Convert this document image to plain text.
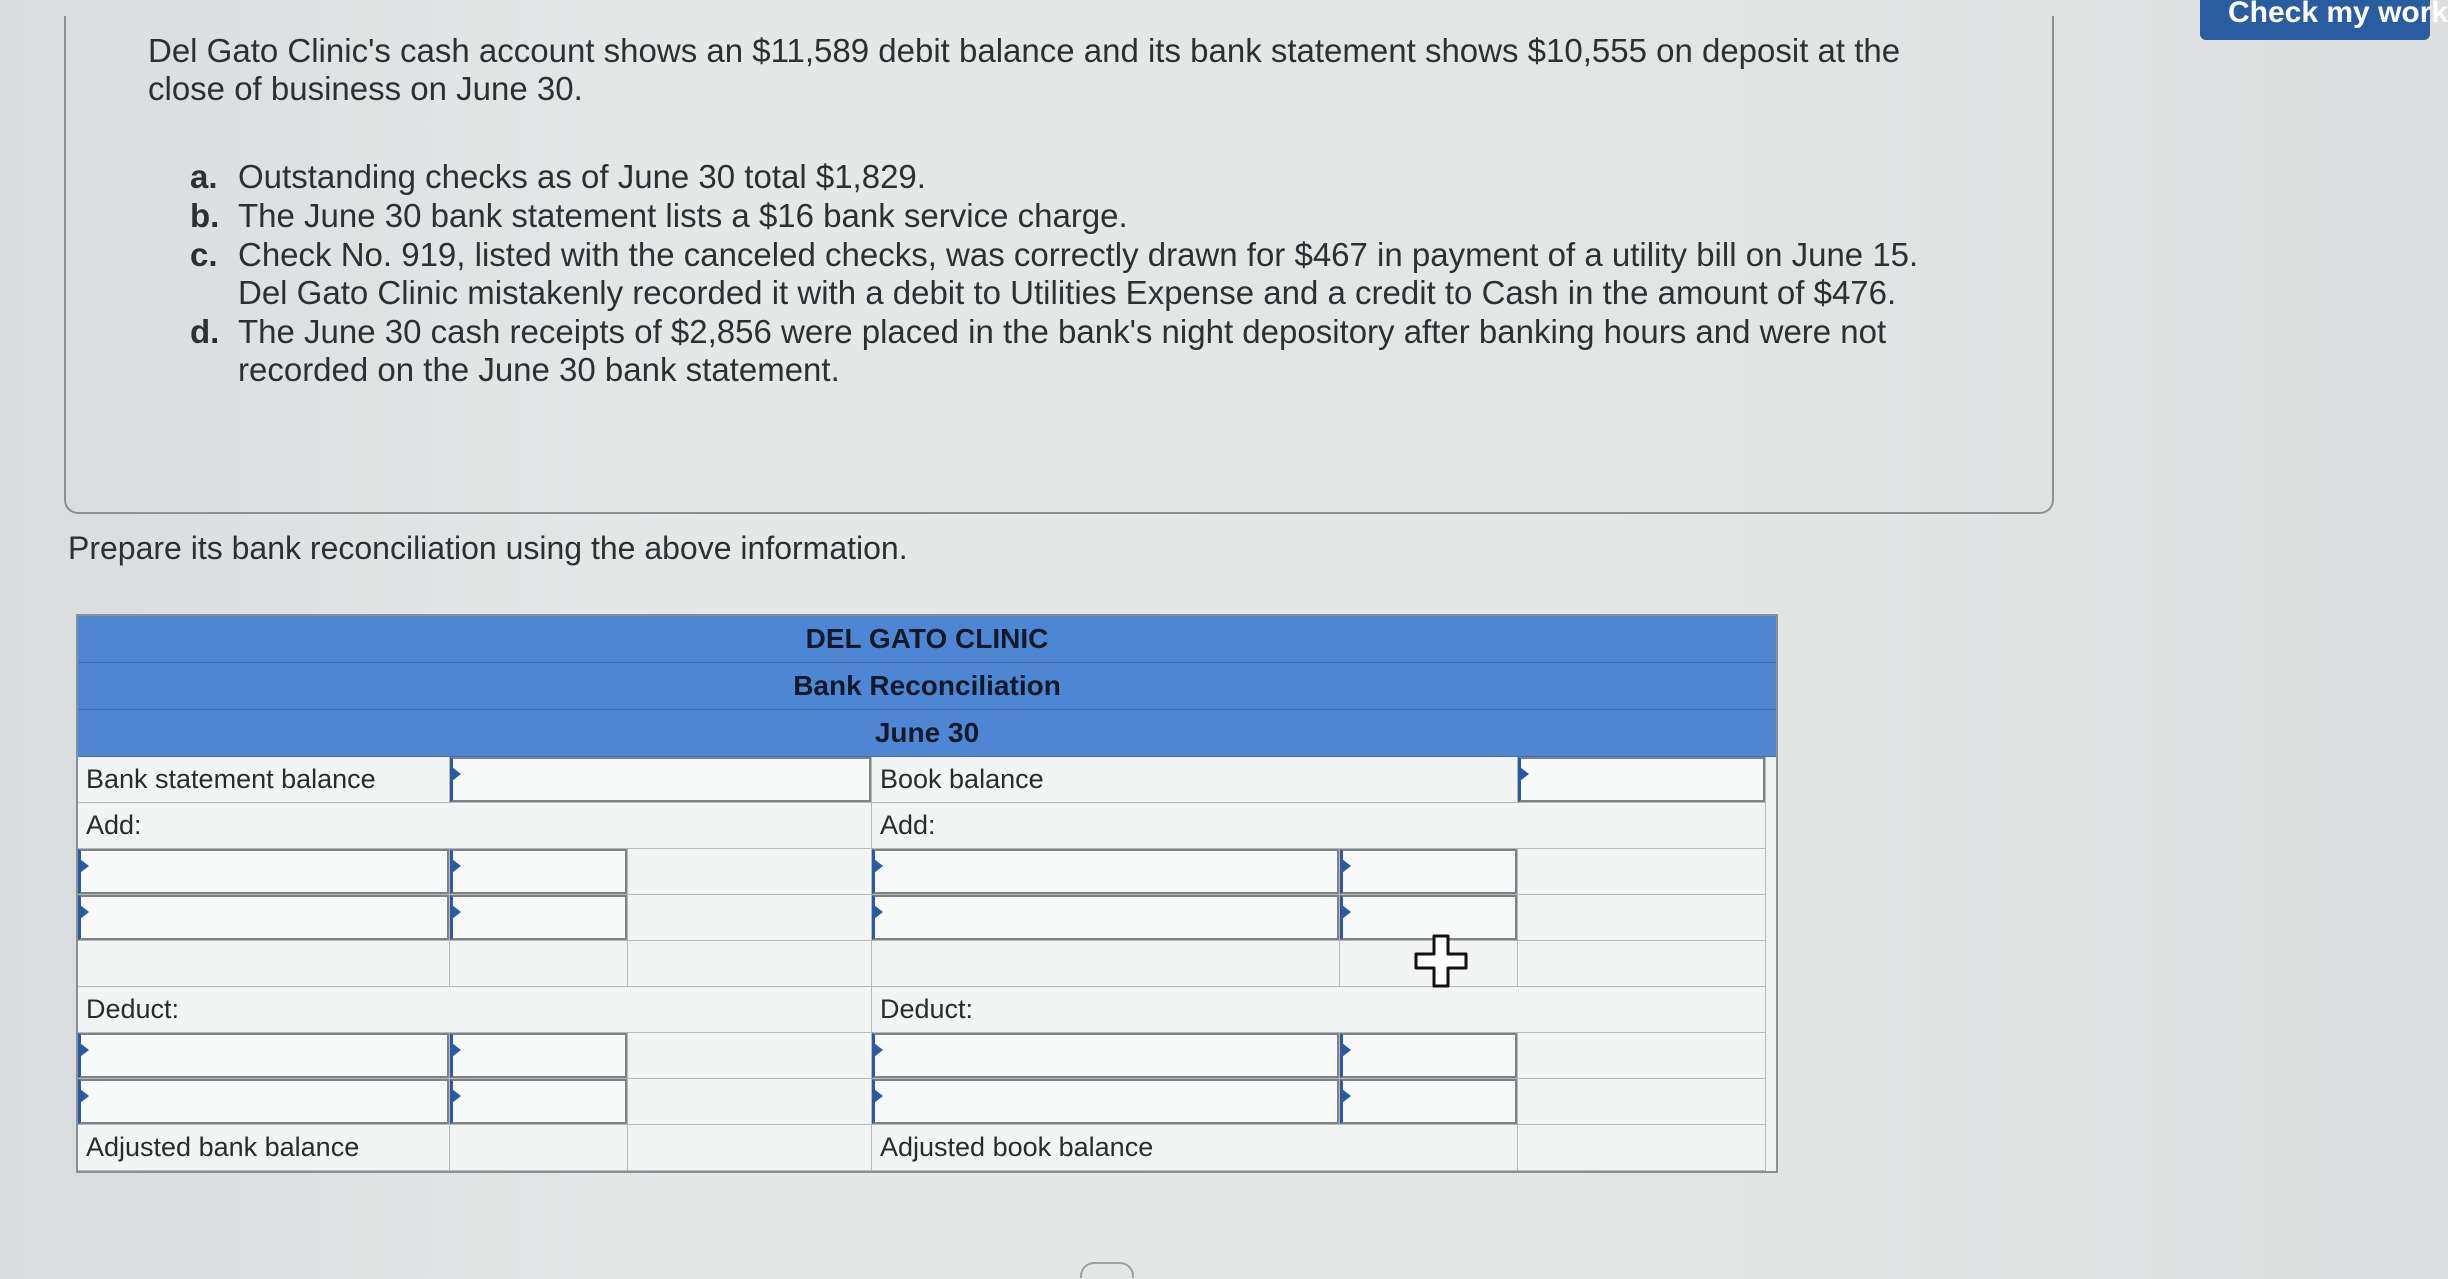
Check my work
Del Gato Clinic's cash account shows an $11,589 debit balance and its bank statement shows $10,555 on deposit at the close of business on June 30.
a. Outstanding checks as of June 30 total $1,829.
b. The June 30 bank statement lists a $16 bank service charge.
c. Check No. 919, listed with the canceled checks, was correctly drawn for $467 in payment of a utility bill on June 15. Del Gato Clinic mistakenly recorded it with a debit to Utilities Expense and a credit to Cash in the amount of $476.
d. The June 30 cash receipts of $2,856 were placed in the bank's night depository after banking hours and were not recorded on the June 30 bank statement.
Prepare its bank reconciliation using the above information.
DEL GATO CLINIC
Bank Reconciliation
June 30
Bank statement balance	Book balance
Add:	Add:
Deduct:	Deduct:
Adjusted bank balance	Adjusted book balance
